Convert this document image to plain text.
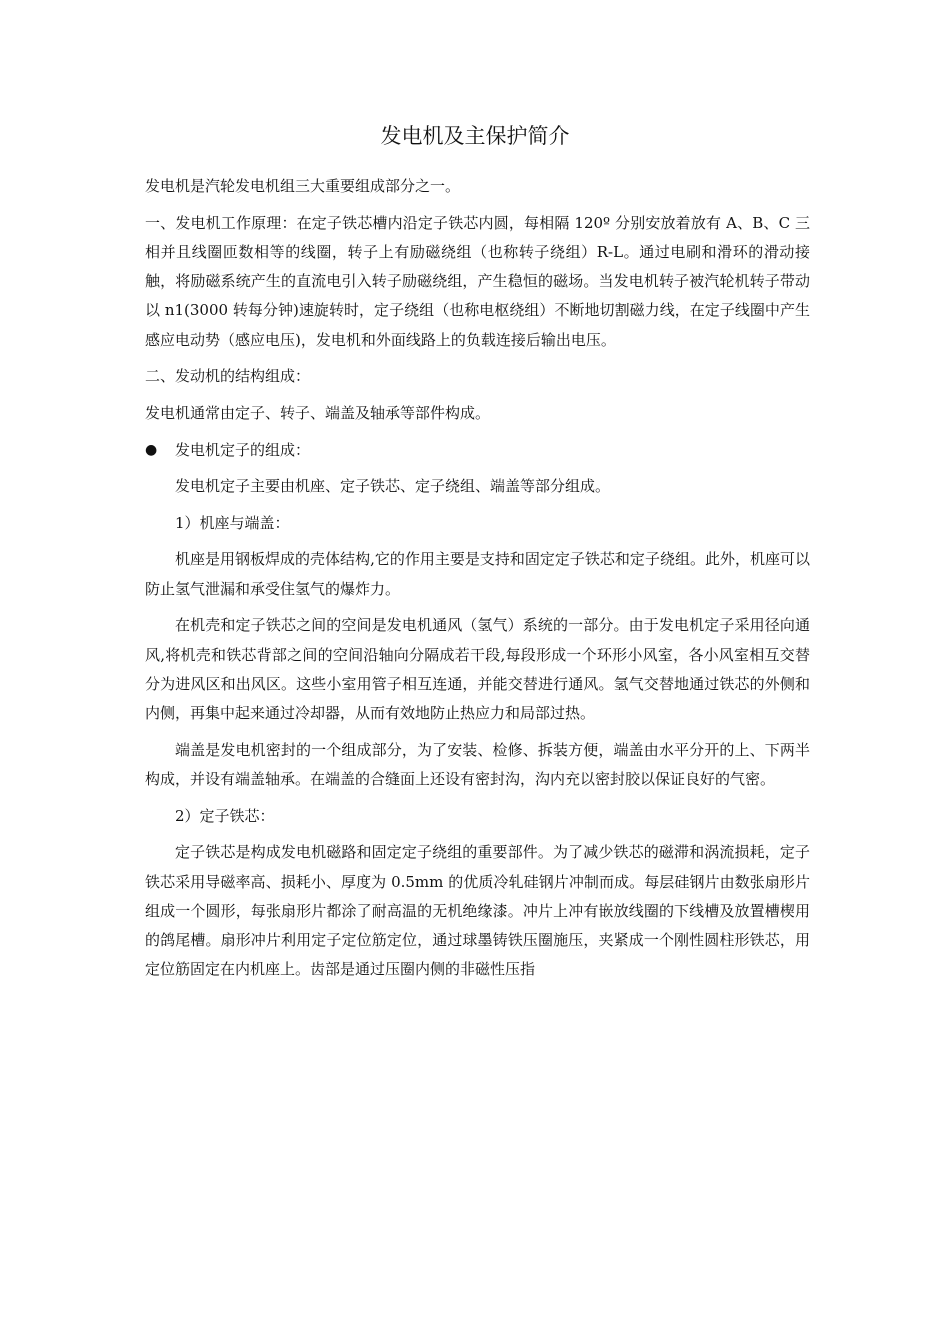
发电机及主保护简介

发电机是汽轮发电机组三大重要组成部分之一。

一、发电机工作原理：在定子铁芯槽内沿定子铁芯内圆，每相隔 120º 分别安放着放有 A、B、C 三相并且线圈匝数相等的线圈，转子上有励磁绕组（也称转子绕组）R-L。通过电刷和滑环的滑动接触，将励磁系统产生的直流电引入转子励磁绕组，产生稳恒的磁场。当发电机转子被汽轮机转子带动以 n1(3000 转每分钟)速旋转时，定子绕组（也称电枢绕组）不断地切割磁力线，在定子线圈中产生感应电动势（感应电压)，发电机和外面线路上的负载连接后输出电压。

二、发动机的结构组成：

发电机通常由定子、转子、端盖及轴承等部件构成。

● 发电机定子的组成：

发电机定子主要由机座、定子铁芯、定子绕组、端盖等部分组成。

1）机座与端盖：

机座是用钢板焊成的壳体结构,它的作用主要是支持和固定定子铁芯和定子绕组。此外，机座可以防止氢气泄漏和承受住氢气的爆炸力。

在机壳和定子铁芯之间的空间是发电机通风（氢气）系统的一部分。由于发电机定子采用径向通风,将机壳和铁芯背部之间的空间沿轴向分隔成若干段,每段形成一个环形小风室，各小风室相互交替分为进风区和出风区。这些小室用管子相互连通，并能交替进行通风。氢气交替地通过铁芯的外侧和内侧，再集中起来通过冷却器，从而有效地防止热应力和局部过热。

端盖是发电机密封的一个组成部分，为了安装、检修、拆装方便，端盖由水平分开的上、下两半构成，并设有端盖轴承。在端盖的合缝面上还设有密封沟，沟内充以密封胶以保证良好的气密。

2）定子铁芯：

定子铁芯是构成发电机磁路和固定定子绕组的重要部件。为了减少铁芯的磁滞和涡流损耗，定子铁芯采用导磁率高、损耗小、厚度为 0.5mm 的优质冷轧硅钢片冲制而成。每层硅钢片由数张扇形片组成一个圆形，每张扇形片都涂了耐高温的无机绝缘漆。冲片上冲有嵌放线圈的下线槽及放置槽楔用的鸽尾槽。扇形冲片利用定子定位筋定位，通过球墨铸铁压圈施压，夹紧成一个刚性圆柱形铁芯，用定位筋固定在内机座上。齿部是通过压圈内侧的非磁性压指
